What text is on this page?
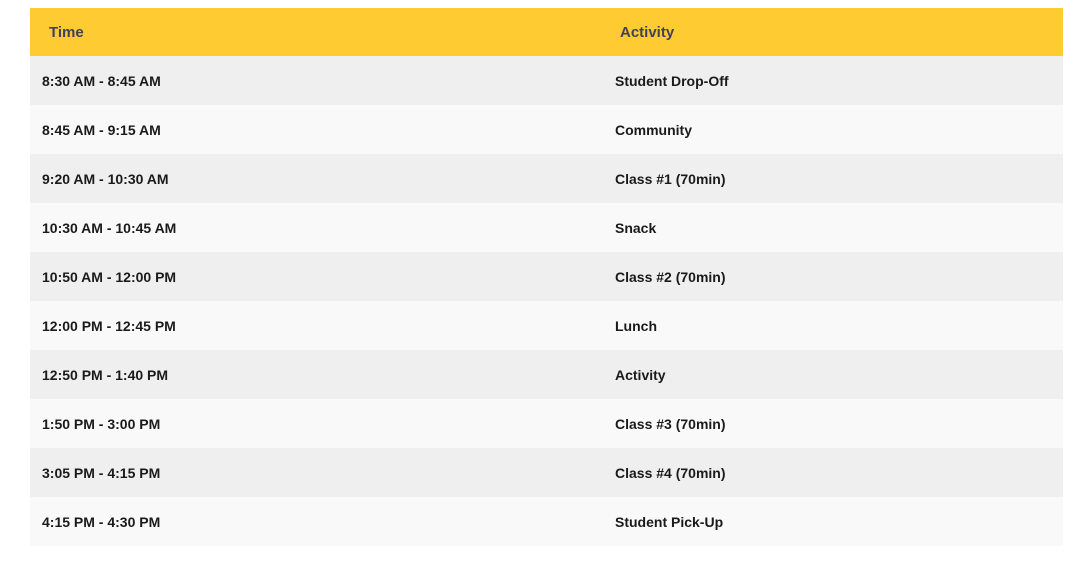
Time	Activity
8:30 AM - 8:45 AM	Student Drop-Off
8:45 AM - 9:15 AM	Community
9:20 AM - 10:30 AM	Class #1 (70min)
10:30 AM - 10:45 AM	Snack
10:50 AM - 12:00 PM	Class #2 (70min)
12:00 PM - 12:45 PM	Lunch
12:50 PM - 1:40 PM	Activity
1:50 PM - 3:00 PM	Class #3 (70min)
3:05 PM - 4:15 PM	Class #4 (70min)
4:15 PM - 4:30 PM	Student Pick-Up
